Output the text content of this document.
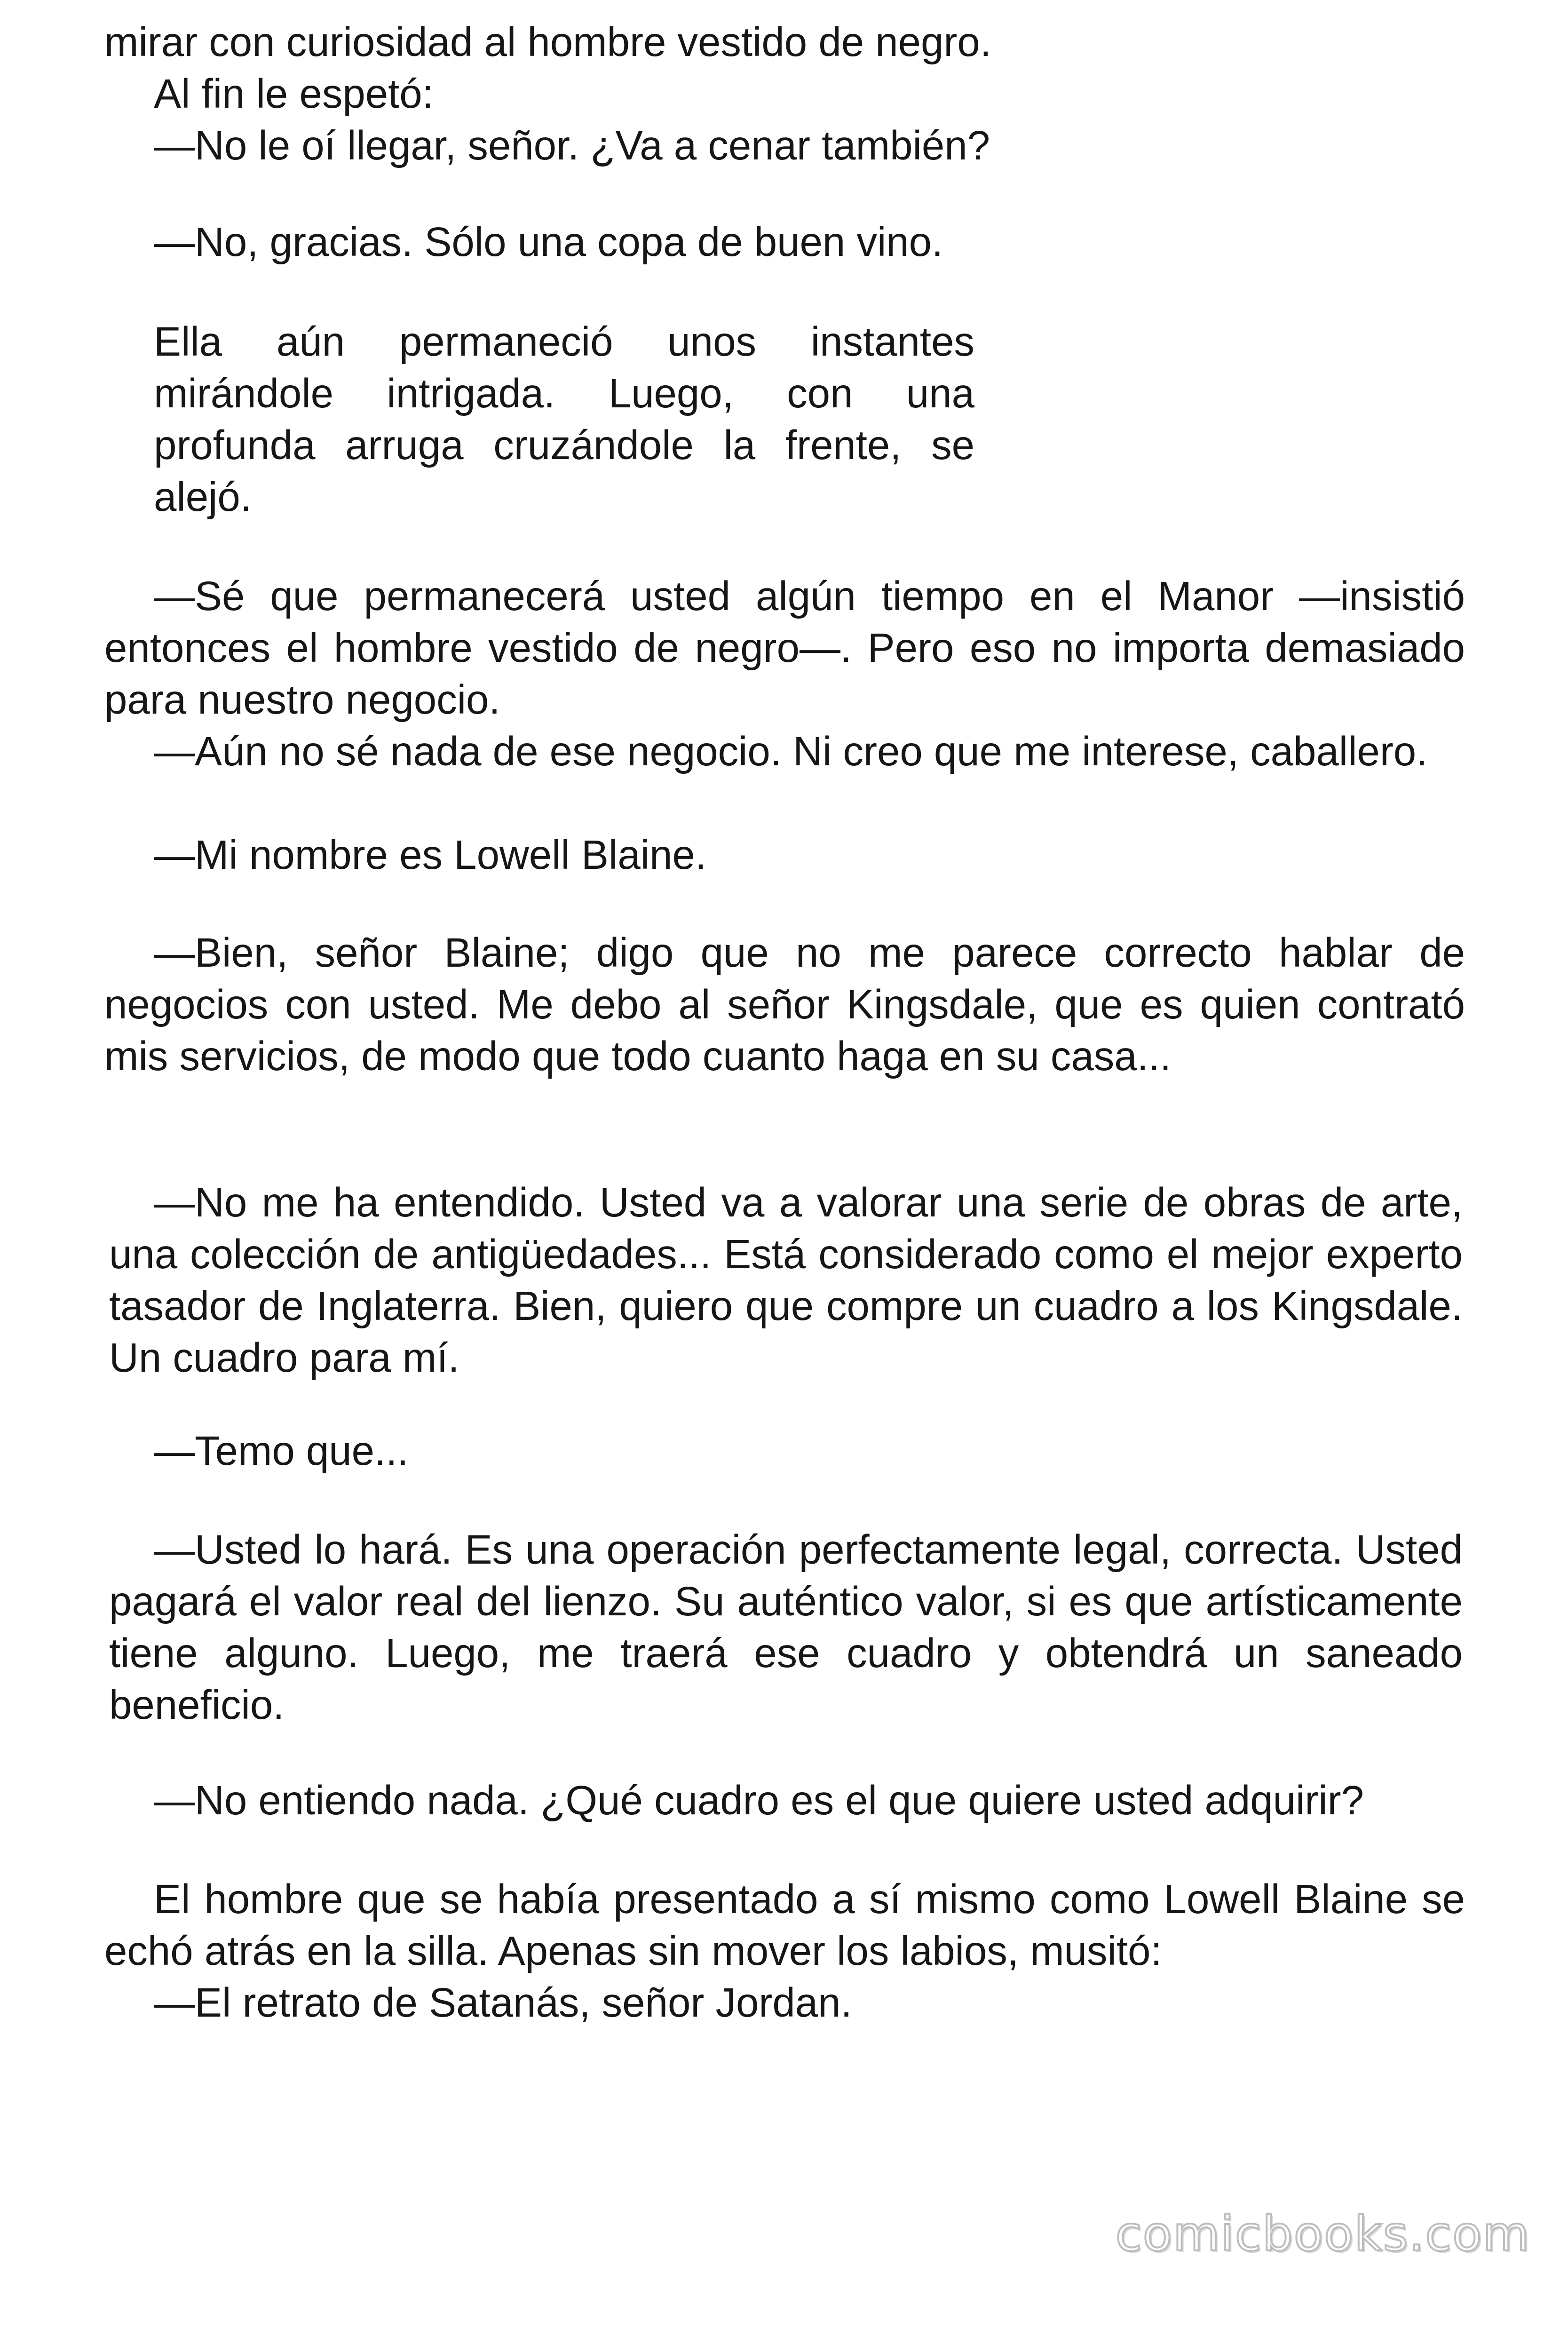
mirar con curiosidad al hombre vestido de negro.

Al fin le espetó:

—No le oí llegar, señor. ¿Va a cenar también?

—No, gracias. Sólo una copa de buen vino.

Ella aún permaneció unos instantes mirándole intrigada. Luego, con una profunda arruga cruzándole la frente, se alejó.

—Sé que permanecerá usted algún tiempo en el Manor —insistió entonces el hombre vestido de negro—. Pero eso no importa demasiado para nuestro negocio.

—Aún no sé nada de ese negocio. Ni creo que me interese, caballero.

—Mi nombre es Lowell Blaine.

—Bien, señor Blaine; digo que no me parece correcto hablar de negocios con usted. Me debo al señor Kingsdale, que es quien contrató mis servicios, de modo que todo cuanto haga en su casa...

—No me ha entendido. Usted va a valorar una serie de obras de arte, una colección de antigüedades... Está considerado como el mejor experto tasador de Inglaterra. Bien, quiero que compre un cuadro a los Kingsdale. Un cuadro para mí.

—Temo que...

—Usted lo hará. Es una operación perfectamente legal, correcta. Usted pagará el valor real del lienzo. Su auténtico valor, si es que artísticamente tiene alguno. Luego, me traerá ese cuadro y obtendrá un saneado beneficio.

—No entiendo nada. ¿Qué cuadro es el que quiere usted adquirir?

El hombre que se había presentado a sí mismo como Lowell Blaine se echó atrás en la silla. Apenas sin mover los labios, musitó:

—El retrato de Satanás, señor Jordan.

comicbooks.com
